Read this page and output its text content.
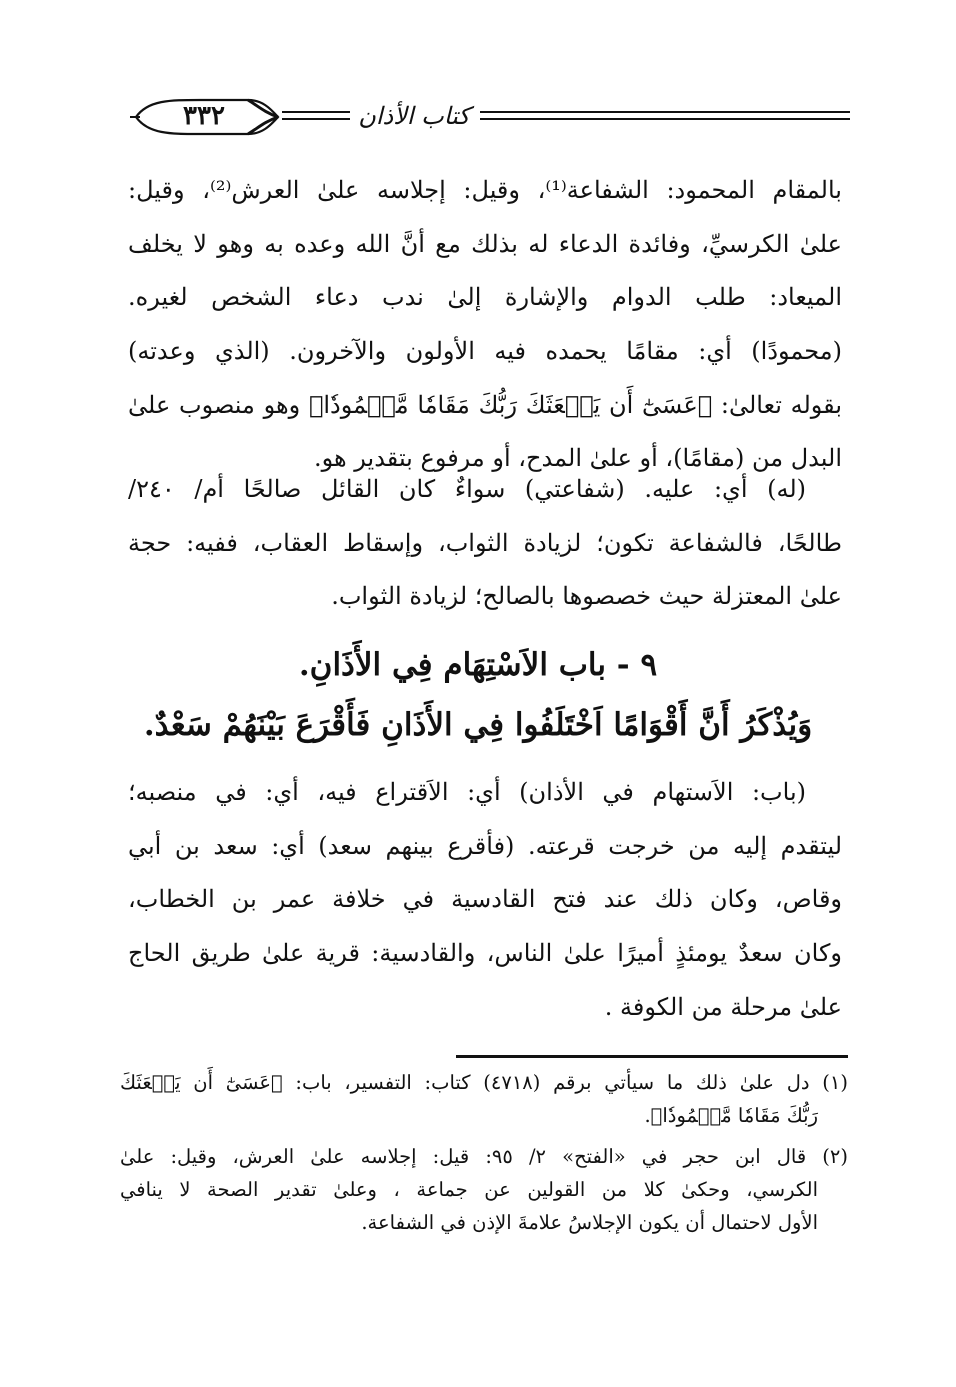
٣٣٢	كتاب الأذان
بالمقام المحمود: الشفاعة⁽¹⁾، وقيل: إجلاسه علىٰ العرش⁽²⁾، وقيل:
علىٰ الكرسيِّ، وفائدة الدعاء له بذلك مع أنَّ الله وعده به وهو لا يخلف
الميعاد: طلب الدوام والإشارة إلىٰ ندب دعاء الشخص لغيره.
(محمودًا) أي: مقامًا يحمده فيه الأولون والآخرون. (الذي وعدته)
بقوله تعالىٰ: ﴿عَسَىٰٓ أَن يَبۡعَثَكَ رَبُّكَ مَقَامٗا مَّحۡمُودٗا﴾ وهو منصوب علىٰ
البدل من (مقامًا)، أو علىٰ المدح، أو مرفوع بتقدير هو.
(له) أي: عليه. (شفاعتي) سواءٌ كان القائل صالحًا أم/ ٢٤٠/
طالحًا، فالشفاعة تكون؛ لزيادة الثواب، وإسقاط العقاب، ففيه: حجة
علىٰ المعتزلة حيث خصصوها بالصالح؛ لزيادة الثواب.
٩ - باب الاَسْتِهَام فِي الأَذَانِ.
وَيُذْكَرُ أَنَّ أَقْوَامًا اَخْتَلَفُوا فِي الأَذَانِ فَأَقْرَعَ بَيْنَهُمْ سَعْدٌ.
(باب: الاَستهام في الأذان) أي: الاَقتراع فيه، أي: في منصبه؛
ليتقدم إليه من خرجت قرعته. (فأقرع بينهم سعد) أي: سعد بن أبي
وقاص، وكان ذلك عند فتح القادسية في خلافة عمر بن الخطاب،
وكان سعدٌ يومئذٍ أميرًا علىٰ الناس، والقادسية: قرية علىٰ طريق الحاج
علىٰ مرحلة من الكوفة .
(١) دل علىٰ ذلك ما سيأتي برقم (٤٧١٨) كتاب: التفسير، باب: ﴿عَسَىٰٓ أَن يَبۡعَثَكَ
رَبُّكَ مَقَامٗا مَّحۡمُودٗا﴾.
(٢) قال ابن حجر في «الفتح» ٢/ ٩٥: قيل: إجلاسه علىٰ العرش، وقيل: علىٰ
الكرسي، وحكىٰ كلا من القولين عن جماعة ، وعلىٰ تقدير الصحة لا ينافي
الأول لاحتمال أن يكون الإجلاسُ علامةَ الإذن في الشفاعة.
